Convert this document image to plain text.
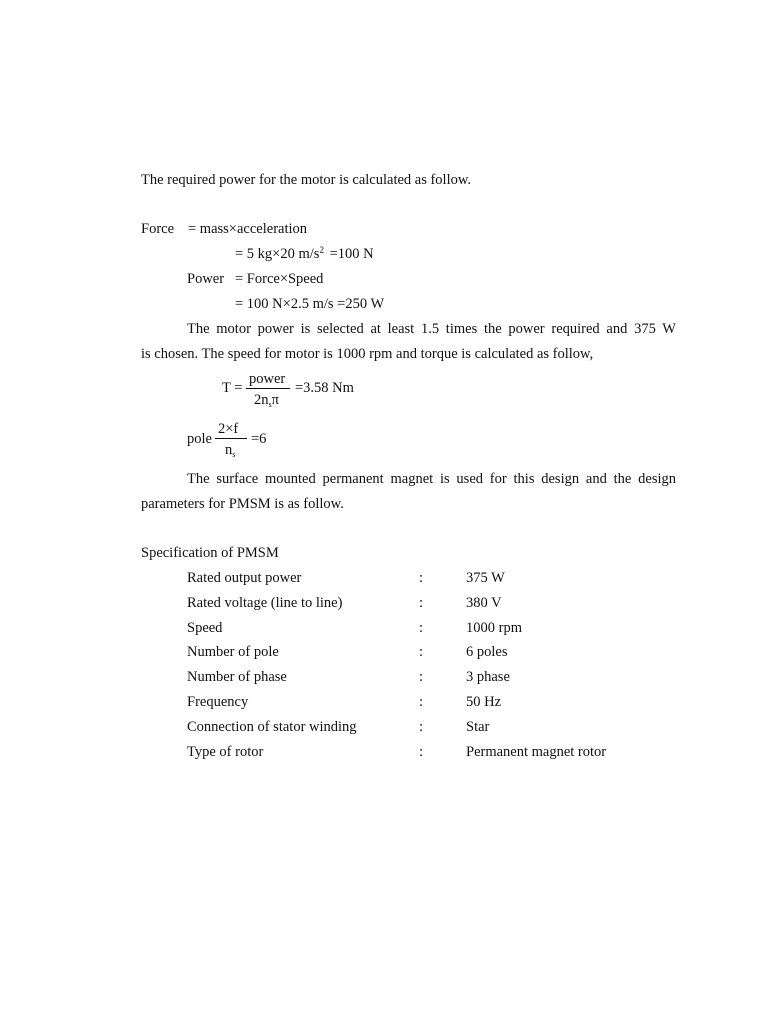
The required power for the motor is calculated as follow.
Force = mass×acceleration
= 5 kg×20 $m/s^2 =100$ N
Power = Force×Speed
= 100 N×2.5 m/s =250 W
The motor power is selected at least 1.5 times the power required and 375 W
is chosen. The speed for motor is 1000 rpm and torque is calculated as follow,
T =
power
$2n_s\pi$
=3.58 Nm
pole
2×f
$n_s$
=6
The surface mounted permanent magnet is used for this design and the design
parameters for PMSM is as follow.
Specification of PMSM
Rated output power	:	375 W
Rated voltage (line to line)	:	380 V
Speed	:	1000 rpm
Number of pole	:	6 poles
Number of phase	:	3 phase
Frequency	:	50 Hz
Connection of stator winding	:	Star
Type of rotor	:	Permanent magnet rotor
